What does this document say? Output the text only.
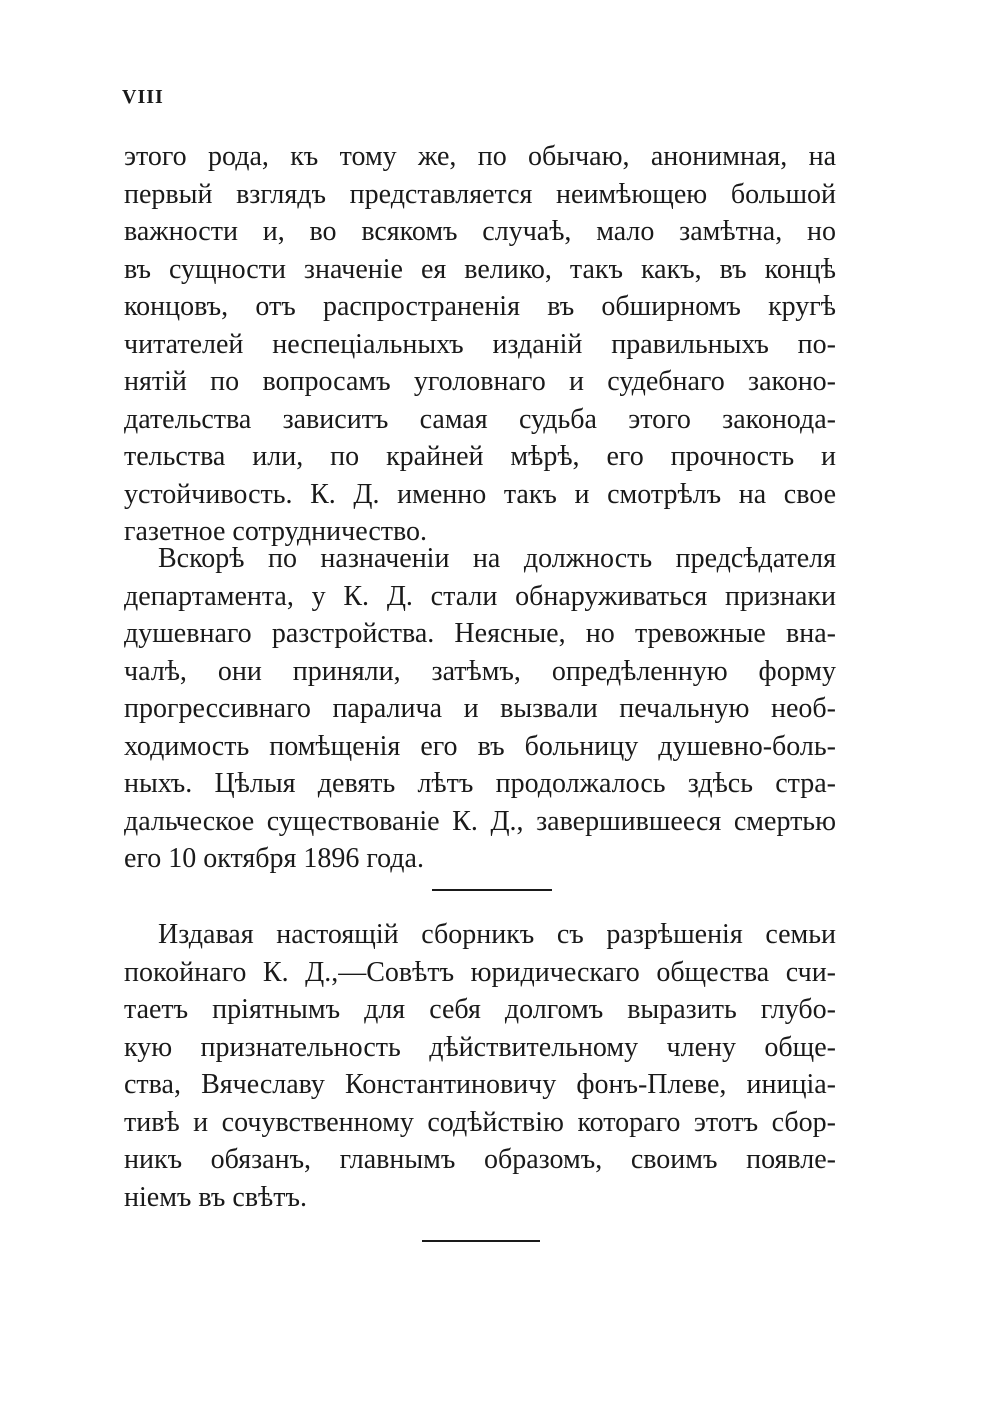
VIII
этого рода, къ тому же, по обычаю, анонимная, на
первый взглядъ представляется неимѣющею большой
важности и, во всякомъ случаѣ, мало замѣтна, но
въ сущности значеніе ея велико, такъ какъ, въ концѣ
концовъ, отъ распространенія въ обширномъ кругѣ
читателей неспеціальныхъ изданій правильныхъ по-
нятій по вопросамъ уголовнаго и судебнаго законо-
дательства зависитъ самая судьба этого законода-
тельства или, по крайней мѣрѣ, его прочность и
устойчивость. К. Д. именно такъ и смотрѣлъ на свое
газетное сотрудничество.
Вскорѣ по назначеніи на должность предсѣдателя
департамента, у К. Д. стали обнаруживаться признаки
душевнаго разстройства. Неясные, но тревожные вна-
чалѣ, они приняли, затѣмъ, опредѣленную форму
прогрессивнаго паралича и вызвали печальную необ-
ходимость помѣщенія его въ больницу душевно-боль-
ныхъ. Цѣлыя девять лѣтъ продолжалось здѣсь стра-
дальческое существованіе К. Д., завершившееся смертью
его 10 октября 1896 года.
Издавая настоящій сборникъ съ разрѣшенія семьи
покойнаго К. Д.,—Совѣтъ юридическаго общества счи-
таетъ пріятнымъ для себя долгомъ выразить глубо-
кую признательность дѣйствительному члену обще-
ства, Вячеславу Константиновичу фонъ-Плеве, иниціа-
тивѣ и сочувственному содѣйствію котораго этотъ сбор-
никъ обязанъ, главнымъ образомъ, своимъ появле-
ніемъ въ свѣтъ.
